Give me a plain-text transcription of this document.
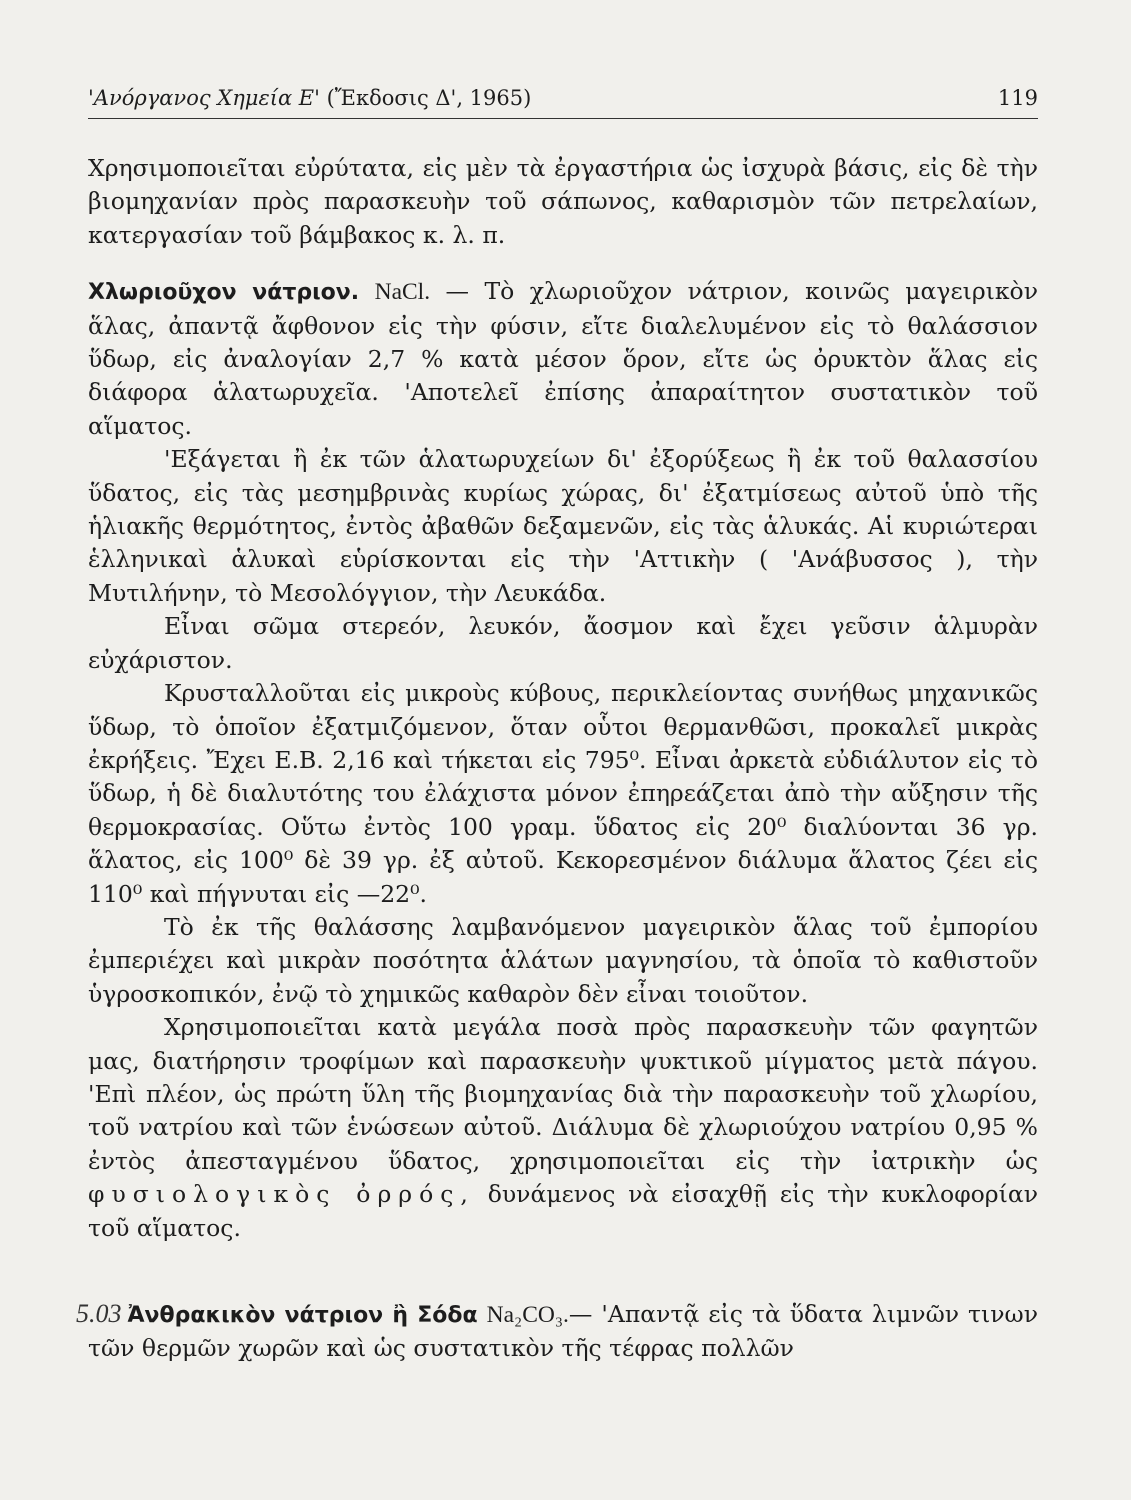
'Ανόργανος Χημεία Ε' (Ἔκδοσις Δ', 1965)	119

Χρησιμοποιεῖται εὐρύτατα, εἰς μὲν τὰ ἐργαστήρια ὡς ἰσχυρὰ βάσις, εἰς δὲ τὴν βιομηχανίαν πρὸς παρασκευὴν τοῦ σάπωνος, καθαρισμὸν τῶν πετρελαίων, κατεργασίαν τοῦ βάμβακος κ. λ. π.

Χλωριοῦχον νάτριον. NaCl. — Τὸ χλωριοῦχον νάτριον, κοινῶς μαγειρικὸν ἅλας, ἀπαντᾷ ἄφθονον εἰς τὴν φύσιν, εἴτε διαλελυμένον εἰς τὸ θαλάσσιον ὕδωρ, εἰς ἀναλογίαν 2,7 % κατὰ μέσον ὅρον, εἴτε ὡς ὀρυκτὸν ἅλας εἰς διάφορα ἁλατωρυχεῖα. 'Αποτελεῖ ἐπίσης ἀπαραίτητον συστατικὸν τοῦ αἵματος.

'Εξάγεται ἢ ἐκ τῶν ἁλατωρυχείων δι' ἐξορύξεως ἢ ἐκ τοῦ θαλασσίου ὕδατος, εἰς τὰς μεσημβρινὰς κυρίως χώρας, δι' ἐξατμίσεως αὐτοῦ ὑπὸ τῆς ἡλιακῆς θερμότητος, ἐντὸς ἀβαθῶν δεξαμενῶν, εἰς τὰς ἁλυκάς. Αἱ κυριώτεραι ἑλληνικαὶ ἁλυκαὶ εὑρίσκονται εἰς τὴν 'Αττικὴν ( 'Ανάβυσσος ), τὴν Μυτιλήνην, τὸ Μεσολόγγιον, τὴν Λευκάδα.

Εἶναι σῶμα στερεόν, λευκόν, ἄοσμον καὶ ἔχει γεῦσιν ἁλμυρὰν εὐχάριστον.

Κρυσταλλοῦται εἰς μικροὺς κύβους, περικλείοντας συνήθως μηχανικῶς ὕδωρ, τὸ ὁποῖον ἐξατμιζόμενον, ὅταν οὗτοι θερμανθῶσι, προκαλεῖ μικρὰς ἐκρήξεις. Ἔχει Ε.Β. 2,16 καὶ τήκεται εἰς 795⁰. Εἶναι ἀρκετὰ εὐδιάλυτον εἰς τὸ ὕδωρ, ἡ δὲ διαλυτότης του ἐλάχιστα μόνον ἐπηρεάζεται ἀπὸ τὴν αὔξησιν τῆς θερμοκρασίας. Οὕτω ἐντὸς 100 γραμ. ὕδατος εἰς 20⁰ διαλύονται 36 γρ. ἅλατος, εἰς 100⁰ δὲ 39 γρ. ἐξ αὐτοῦ. Κεκορεσμένον διάλυμα ἅλατος ζέει εἰς 110⁰ καὶ πήγνυται εἰς —22⁰.

Τὸ ἐκ τῆς θαλάσσης λαμβανόμενον μαγειρικὸν ἅλας τοῦ ἐμπορίου ἐμπεριέχει καὶ μικρὰν ποσότητα ἁλάτων μαγνησίου, τὰ ὁποῖα τὸ καθιστοῦν ὑγροσκοπικόν, ἐνῷ τὸ χημικῶς καθαρὸν δὲν εἶναι τοιοῦτον.

Χρησιμοποιεῖται κατὰ μεγάλα ποσὰ πρὸς παρασκευὴν τῶν φαγητῶν μας, διατήρησιν τροφίμων καὶ παρασκευὴν ψυκτικοῦ μίγματος μετὰ πάγου. 'Επὶ πλέον, ὡς πρώτη ὕλη τῆς βιομηχανίας διὰ τὴν παρασκευὴν τοῦ χλωρίου, τοῦ νατρίου καὶ τῶν ἑνώσεων αὐτοῦ. Διάλυμα δὲ χλωριούχου νατρίου 0,95 % ἐντὸς ἀπεσταγμένου ὕδατος, χρησιμοποιεῖται εἰς τὴν ἰατρικὴν ὡς φυσιολογικὸς ὀρρός, δυνάμενος νὰ εἰσαχθῇ εἰς τὴν κυκλοφορίαν τοῦ αἵματος.

5.03 Ἀνθρακικὸν νάτριον ἢ Σόδα Na₂CO₃.— 'Απαντᾷ εἰς τὰ ὕδατα λιμνῶν τινων τῶν θερμῶν χωρῶν καὶ ὡς συστατικὸν τῆς τέφρας πολλῶν
